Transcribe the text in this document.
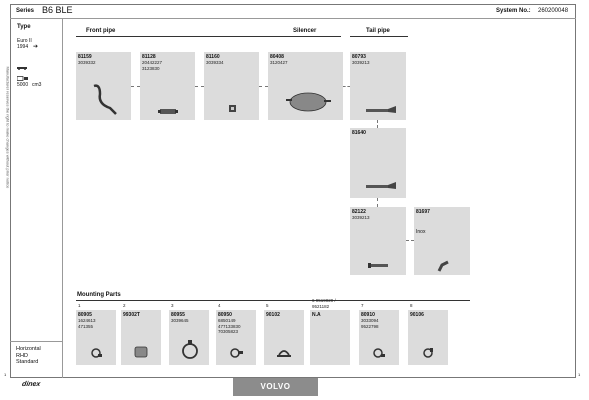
Manufacturer reserves the right to make changes without prior notice
Series B6 BLE	System No.: 260200048
Type
Euro II
1994 ➔
5000 cm3
Horizontal
RHD
Standard
Front pipe	Silencer	Tail pipe
81159
3039332
81128
20442227
3123830
81160
3039334
80408
3120427
80793
3039213
81640
82122
3039213
81697
Inox
Mounting Parts
1
80905
1624613
471355
2
99302T
3
80955
3039645
4
80950
6850149
477133830
70305823
5
90102
6 9519029 / 9521182
N.A
7
80910
3033094
9522798
8
90106
1	1
dinex	VOLVO
